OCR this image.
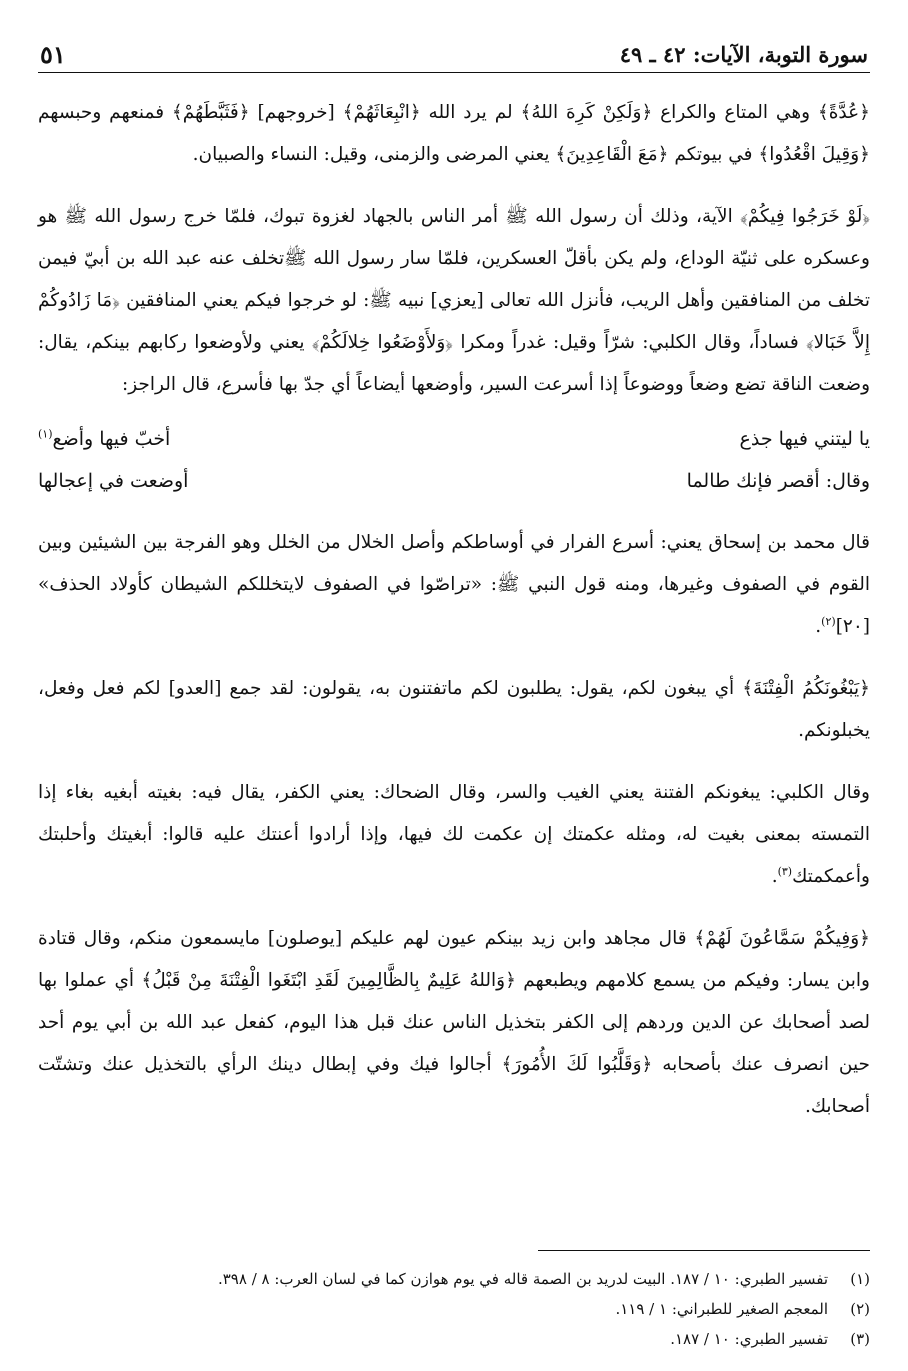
سورة التوبة، الآيات: ٤٢ ـ ٤٩
٥١

﴿عُدَّةً﴾ وهي المتاع والكراع ﴿وَلَكِنْ كَرِهَ اللهُ﴾ لم يرد الله ﴿انْبِعَاثَهُمْ﴾ [خروجهم] ﴿فَثَبَّطَهُمْ﴾ فمنعهم وحبسهم ﴿وَقِيلَ اقْعُدُوا﴾ في بيوتكم ﴿مَعَ الْقَاعِدِينَ﴾ يعني المرضى والزمنى، وقيل: النساء والصبيان.

﴿لَوْ خَرَجُوا فِيكُمْ﴾ الآية، وذلك أن رسول الله ﷺ أمر الناس بالجهاد لغزوة تبوك، فلمّا خرج رسول الله ﷺ هو وعسكره على ثنيّة الوداع، ولم يكن بأقلّ العسكرين، فلمّا سار رسول الله ﷺتخلف عنه عبد الله بن أبيّ فيمن تخلف من المنافقين وأهل الريب، فأنزل الله تعالى [يعزي] نبيه ﷺ: لو خرجوا فيكم يعني المنافقين ﴿مَا زَادُوكُمْ إِلاَّ خَبَالا﴾ فساداً، وقال الكلبي: شرّاً وقيل: غدراً ومكرا ﴿وَلأَوْضَعُوا خِلالَكُمْ﴾ يعني ولأوضعوا ركابهم بينكم، يقال: وضعت الناقة تضع وضعاً ووضوعاً إذا أسرعت السير، وأوضعها أيضاعاً أي جدّ بها فأسرع، قال الراجز:

يا ليتني فيها جذع
أخبّ فيها وأضع$^{(١)}$
وقال: أقصر فإنك طالما
أوضعت في إعجالها

قال محمد بن إسحاق يعني: أسرع الفرار في أوساطكم وأصل الخلال من الخلل وهو الفرجة بين الشيئين وبين القوم في الصفوف وغيرها، ومنه قول النبي ﷺ: «تراصّوا في الصفوف لايتخللكم الشيطان كأولاد الحذف» [٢٠]$^{(٢)}$.

﴿يَبْغُونَكُمُ الْفِتْنَةَ﴾ أي يبغون لكم، يقول: يطلبون لكم ماتفتنون به، يقولون: لقد جمع [العدو] لكم فعل وفعل، يخبلونكم.

وقال الكلبي: يبغونكم الفتنة يعني الغيب والسر، وقال الضحاك: يعني الكفر، يقال فيه: بغيته أبغيه بغاء إذا التمسته بمعنى بغيت له، ومثله عكمتك إن عكمت لك فيها، وإذا أرادوا أعنتك عليه قالوا: أبغيتك وأحلبتك وأعمكمتك$^{(٣)}$.

﴿وَفِيكُمْ سَمَّاعُونَ لَهُمْ﴾ قال مجاهد وابن زيد بينكم عيون لهم عليكم [يوصلون] مايسمعون منكم، وقال قتادة وابن يسار: وفيكم من يسمع كلامهم ويطبعهم ﴿وَاللهُ عَلِيمٌ بِالظَّالِمِينَ لَقَدِ ابْتَغَوا الْفِتْنَةَ مِنْ قَبْلُ﴾ أي عملوا بها لصد أصحابك عن الدين وردهم إلى الكفر بتخذيل الناس عنك قبل هذا اليوم، كفعل عبد الله بن أبي يوم أحد حين انصرف عنك بأصحابه ﴿وَقَلَّبُوا لَكَ الأُمُورَ﴾ أجالوا فيك وفي إبطال دينك الرأي بالتخذيل عنك وتشتّت أصحابك.

(١)
تفسير الطبري: ١٠ / ١٨٧. البيت لدريد بن الصمة قاله في يوم هوازن كما في لسان العرب: ٨ / ٣٩٨.
(٢)
المعجم الصغير للطبراني: ١ / ١١٩.
(٣)
تفسير الطبري: ١٠ / ١٨٧.
